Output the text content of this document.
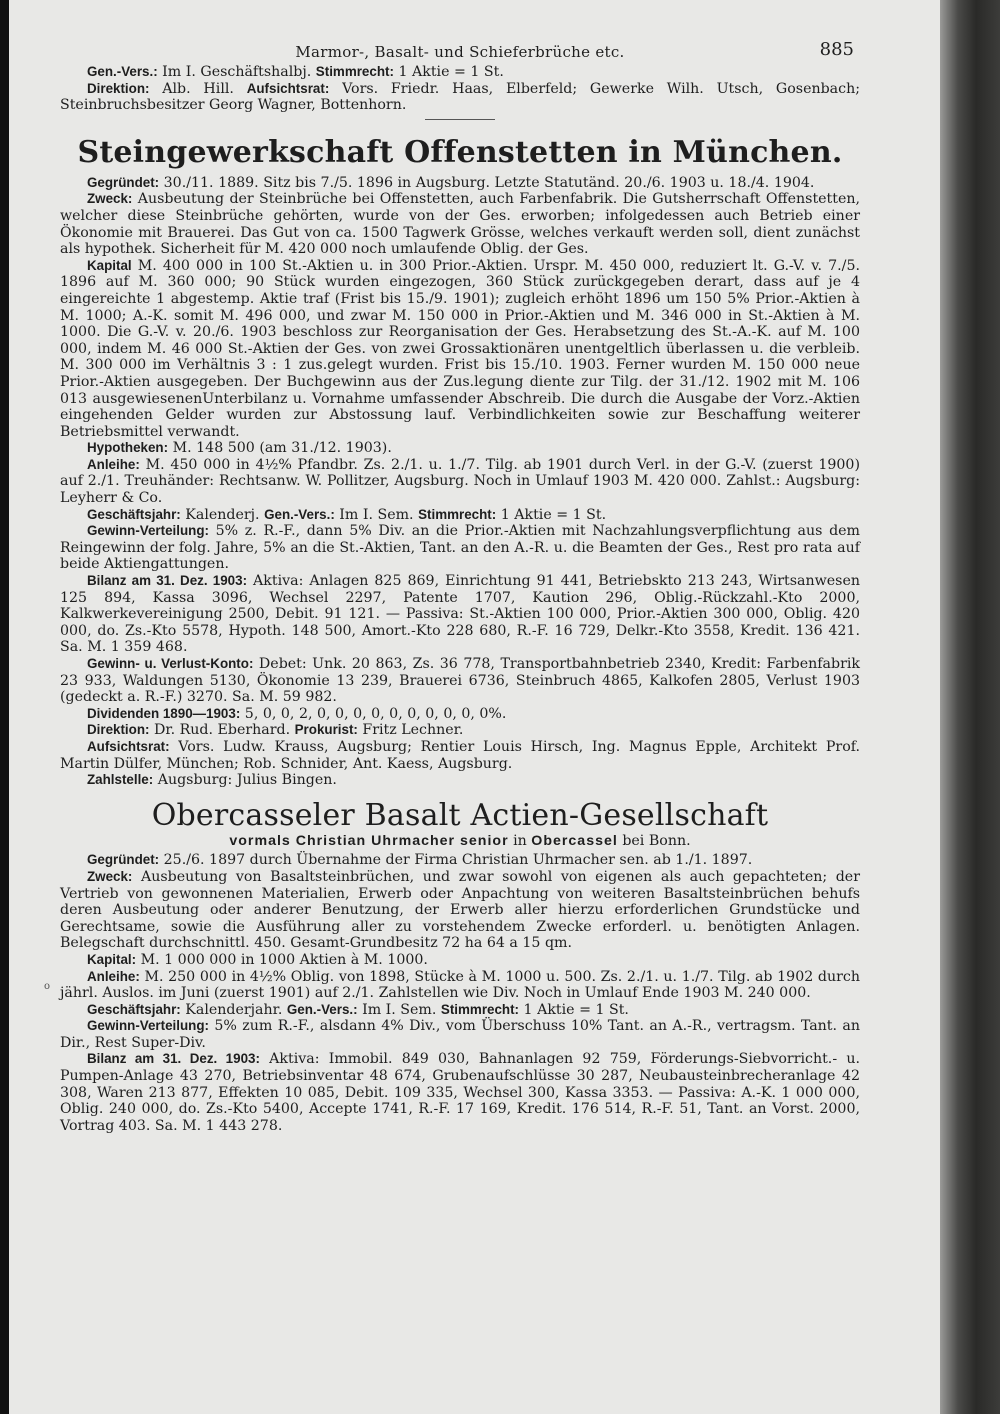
o
Marmor-, Basalt- und Schieferbrüche etc.	885

Gen.-Vers.: Im I. Geschäftshalbj. Stimmrecht: 1 Aktie = 1 St.

Direktion: Alb. Hill. Aufsichtsrat: Vors. Friedr. Haas, Elberfeld; Gewerke Wilh. Utsch, Gosenbach; Steinbruchsbesitzer Georg Wagner, Bottenhorn.

Steingewerkschaft Offenstetten in München.

Gegründet: 30./11. 1889. Sitz bis 7./5. 1896 in Augsburg. Letzte Statutänd. 20./6. 1903 u. 18./4. 1904.

Zweck: Ausbeutung der Steinbrüche bei Offenstetten, auch Farbenfabrik. Die Gutsherrschaft Offenstetten, welcher diese Steinbrüche gehörten, wurde von der Ges. erworben; infolgedessen auch Betrieb einer Ökonomie mit Brauerei. Das Gut von ca. 1500 Tagwerk Grösse, welches verkauft werden soll, dient zunächst als hypothek. Sicherheit für M. 420 000 noch umlaufende Oblig. der Ges.

Kapital M. 400 000 in 100 St.-Aktien u. in 300 Prior.-Aktien. Urspr. M. 450 000, reduziert lt. G.-V. v. 7./5. 1896 auf M. 360 000; 90 Stück wurden eingezogen, 360 Stück zurückgegeben derart, dass auf je 4 eingereichte 1 abgestemp. Aktie traf (Frist bis 15./9. 1901); zugleich erhöht 1896 um 150 5% Prior.-Aktien à M. 1000; A.-K. somit M. 496 000, und zwar M. 150 000 in Prior.-Aktien und M. 346 000 in St.-Aktien à M. 1000. Die G.-V. v. 20./6. 1903 beschloss zur Reorganisation der Ges. Herabsetzung des St.-A.-K. auf M. 100 000, indem M. 46 000 St.-Aktien der Ges. von zwei Grossaktionären unentgeltlich überlassen u. die verbleib. M. 300 000 im Verhältnis 3 : 1 zus.gelegt wurden. Frist bis 15./10. 1903. Ferner wurden M. 150 000 neue Prior.-Aktien ausgegeben. Der Buchgewinn aus der Zus.legung diente zur Tilg. der 31./12. 1902 mit M. 106 013 ausgewiesenenUnterbilanz u. Vornahme umfassender Abschreib. Die durch die Ausgabe der Vorz.-Aktien eingehenden Gelder wurden zur Abstossung lauf. Verbindlichkeiten sowie zur Beschaffung weiterer Betriebsmittel verwandt.

Hypotheken: M. 148 500 (am 31./12. 1903).

Anleihe: M. 450 000 in 4½% Pfandbr. Zs. 2./1. u. 1./7. Tilg. ab 1901 durch Verl. in der G.-V. (zuerst 1900) auf 2./1. Treuhänder: Rechtsanw. W. Pollitzer, Augsburg. Noch in Umlauf 1903 M. 420 000. Zahlst.: Augsburg: Leyherr & Co.

Geschäftsjahr: Kalenderj. Gen.-Vers.: Im I. Sem. Stimmrecht: 1 Aktie = 1 St.

Gewinn-Verteilung: 5% z. R.-F., dann 5% Div. an die Prior.-Aktien mit Nachzahlungsverpflichtung aus dem Reingewinn der folg. Jahre, 5% an die St.-Aktien, Tant. an den A.-R. u. die Beamten der Ges., Rest pro rata auf beide Aktiengattungen.

Bilanz am 31. Dez. 1903: Aktiva: Anlagen 825 869, Einrichtung 91 441, Betriebskto 213 243, Wirtsanwesen 125 894, Kassa 3096, Wechsel 2297, Patente 1707, Kaution 296, Oblig.-Rückzahl.-Kto 2000, Kalkwerkevereinigung 2500, Debit. 91 121. — Passiva: St.-Aktien 100 000, Prior.-Aktien 300 000, Oblig. 420 000, do. Zs.-Kto 5578, Hypoth. 148 500, Amort.-Kto 228 680, R.-F. 16 729, Delkr.-Kto 3558, Kredit. 136 421. Sa. M. 1 359 468.

Gewinn- u. Verlust-Konto: Debet: Unk. 20 863, Zs. 36 778, Transportbahnbetrieb 2340, Kredit: Farbenfabrik 23 933, Waldungen 5130, Ökonomie 13 239, Brauerei 6736, Steinbruch 4865, Kalkofen 2805, Verlust 1903 (gedeckt a. R.-F.) 3270. Sa. M. 59 982.

Dividenden 1890—1903: 5, 0, 0, 2, 0, 0, 0, 0, 0, 0, 0, 0, 0, 0%.

Direktion: Dr. Rud. Eberhard. Prokurist: Fritz Lechner.

Aufsichtsrat: Vors. Ludw. Krauss, Augsburg; Rentier Louis Hirsch, Ing. Magnus Epple, Architekt Prof. Martin Dülfer, München; Rob. Schnider, Ant. Kaess, Augsburg.

Zahlstelle: Augsburg: Julius Bingen.

Obercasseler Basalt Actien-Gesellschaft
vormals Christian Uhrmacher senior in Obercassel bei Bonn.

Gegründet: 25./6. 1897 durch Übernahme der Firma Christian Uhrmacher sen. ab 1./1. 1897.

Zweck: Ausbeutung von Basaltsteinbrüchen, und zwar sowohl von eigenen als auch gepachteten; der Vertrieb von gewonnenen Materialien, Erwerb oder Anpachtung von weiteren Basaltsteinbrüchen behufs deren Ausbeutung oder anderer Benutzung, der Erwerb aller hierzu erforderlichen Grundstücke und Gerechtsame, sowie die Ausführung aller zu vorstehendem Zwecke erforderl. u. benötigten Anlagen. Belegschaft durchschnittl. 450. Gesamt-Grundbesitz 72 ha 64 a 15 qm.

Kapital: M. 1 000 000 in 1000 Aktien à M. 1000.

Anleihe: M. 250 000 in 4½% Oblig. von 1898, Stücke à M. 1000 u. 500. Zs. 2./1. u. 1./7. Tilg. ab 1902 durch jährl. Auslos. im Juni (zuerst 1901) auf 2./1. Zahlstellen wie Div. Noch in Umlauf Ende 1903 M. 240 000.

Geschäftsjahr: Kalenderjahr. Gen.-Vers.: Im I. Sem. Stimmrecht: 1 Aktie = 1 St.

Gewinn-Verteilung: 5% zum R.-F., alsdann 4% Div., vom Überschuss 10% Tant. an A.-R., vertragsm. Tant. an Dir., Rest Super-Div.

Bilanz am 31. Dez. 1903: Aktiva: Immobil. 849 030, Bahnanlagen 92 759, Förderungs-Siebvorricht.- u. Pumpen-Anlage 43 270, Betriebsinventar 48 674, Grubenaufschlüsse 30 287, Neubausteinbrecheranlage 42 308, Waren 213 877, Effekten 10 085, Debit. 109 335, Wechsel 300, Kassa 3353. — Passiva: A.-K. 1 000 000, Oblig. 240 000, do. Zs.-Kto 5400, Accepte 1741, R.-F. 17 169, Kredit. 176 514, R.-F. 51, Tant. an Vorst. 2000, Vortrag 403. Sa. M. 1 443 278.
